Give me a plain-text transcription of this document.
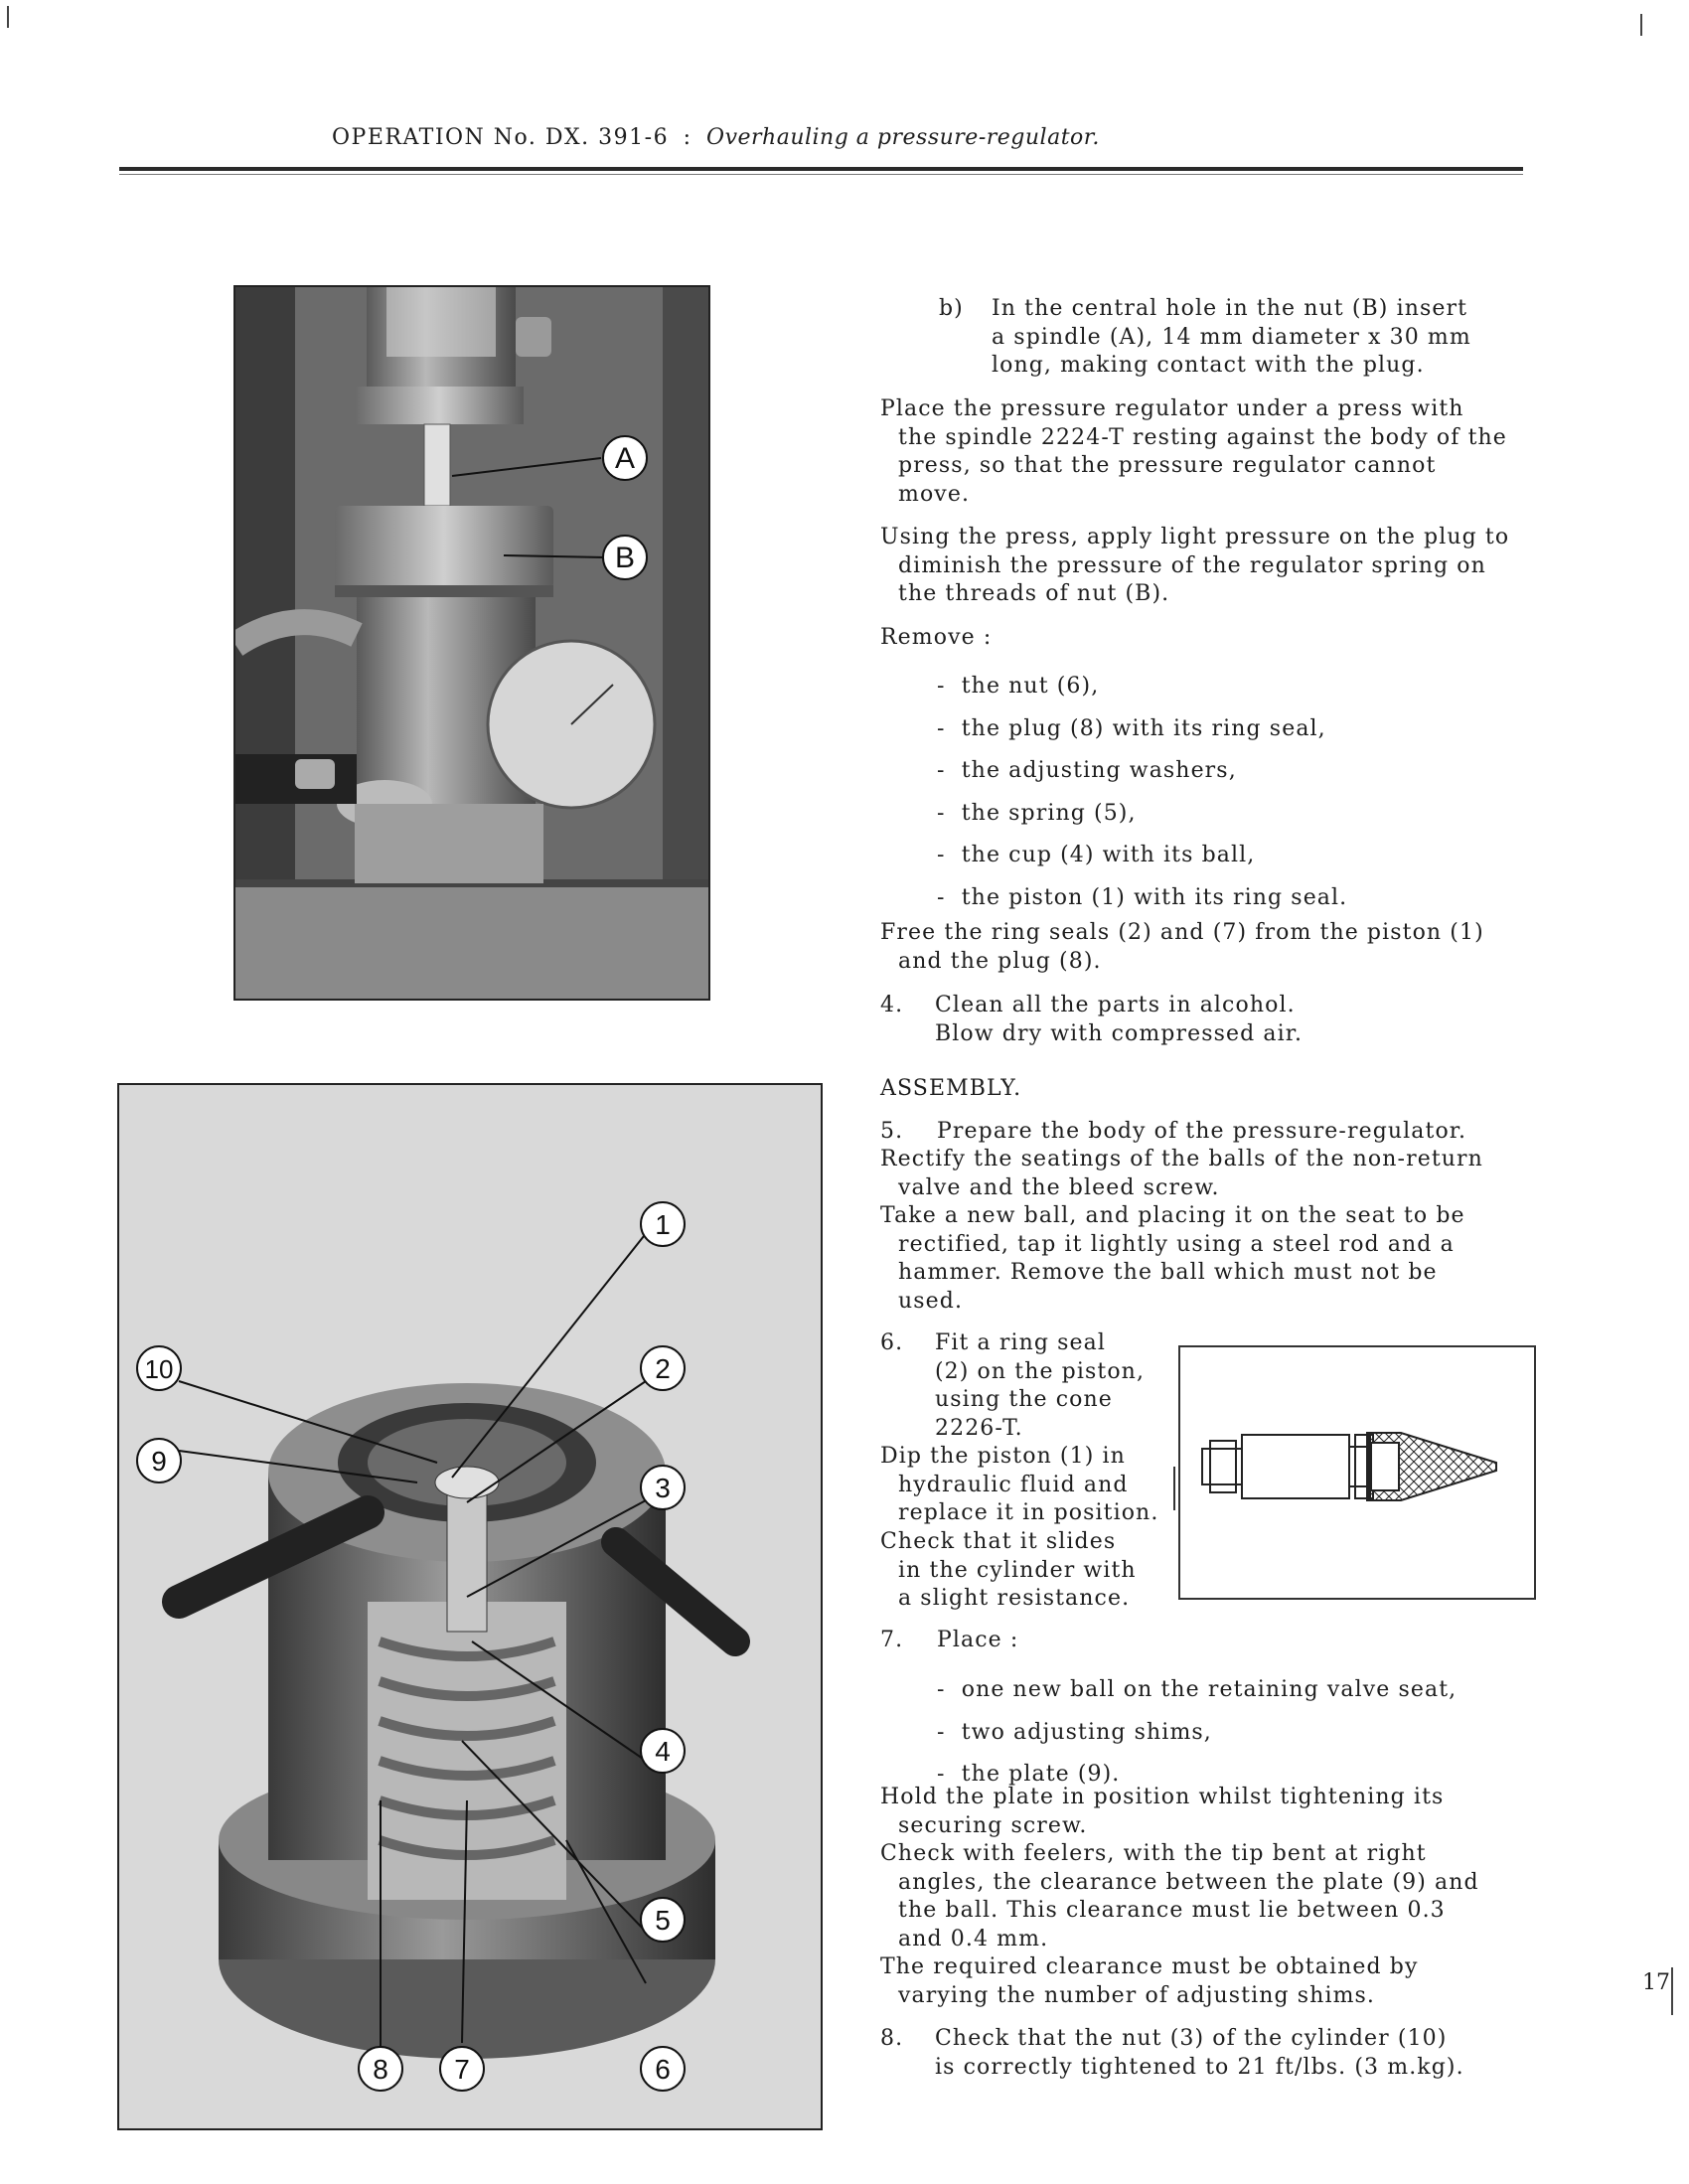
OPERATION No. DX. 391-6 : Overhauling a pressure-regulator.
A
B
1
2
3
4
5
6
7
8
9
10
b) In the central hole in the nut (B) insert
a spindle (A), 14 mm diameter x 30 mm
long, making contact with the plug.
Place the pressure regulator under a press with
the spindle 2224-T resting against the body of the
press, so that the pressure regulator cannot
move.
Using the press, apply light pressure on the plug to
diminish the pressure of the regulator spring on
the threads of nut (B).
Remove :
-  the nut (6),
-  the plug (8) with its ring seal,
-  the adjusting washers,
-  the spring (5),
-  the cup (4) with its ball,
-  the piston (1) with its ring seal.
Free the ring seals (2) and (7) from the piston (1)
and the plug (8).
4. Clean all the parts in alcohol.
Blow dry with compressed air.
ASSEMBLY.
5. Prepare the body of the pressure-regulator.
Rectify the seatings of the balls of the non-return
valve and the bleed screw.
Take a new ball, and placing it on the seat to be
rectified, tap it lightly using a steel rod and a
hammer. Remove the ball which must not be
used.
6. Fit a ring seal
(2) on the piston,
using the cone
2226-T.
Dip the piston (1) in
hydraulic fluid and
replace it in position.
Check that it slides
in the cylinder with
a slight resistance.
7. Place :
-  one new ball on the retaining valve seat,
-  two adjusting shims,
-  the plate (9).
Hold the plate in position whilst tightening its
securing screw.
Check with feelers, with the tip bent at right
angles, the clearance between the plate (9) and
the ball. This clearance must lie between 0.3
and 0.4 mm.
The required clearance must be obtained by
varying the number of adjusting shims.
8. Check that the nut (3) of the cylinder (10)
is correctly tightened to 21 ft/lbs. (3 m.kg).
17
